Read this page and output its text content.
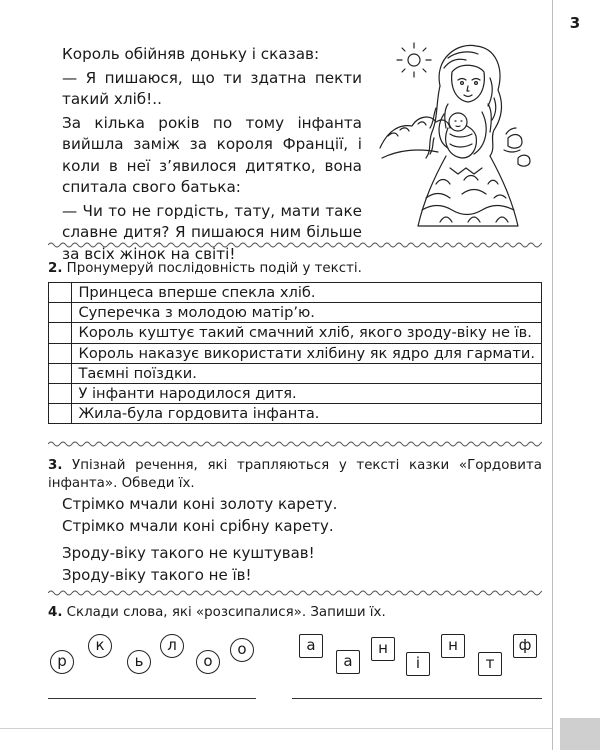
3

Король обійняв доньку і сказав:

— Я пишаюся, що ти здатна пекти такий хліб!..

За кілька років по тому інфанта вийшла заміж за короля Франції, і коли в неї з’явилося дитятко, вона спитала свого батька:

— Чи то не гордість, тату, мати таке славне дитя? Я пишаюся ним більше за всіх жінок на світі!

2. Пронумеруй послідовність подій у тексті.
	Принцеса вперше спекла хліб.
	Суперечка з молодою матір’ю.
	Король куштує такий смачний хліб, якого зроду-віку не їв.
	Король наказує використати хлібину як ядро для гармати.
	Таємні поїздки.
	У інфанти народилося дитя.
	Жила-була гордовита інфанта.
3. Упізнай речення, які трапляються у тексті казки «Гордовита інфанта». Обведи їх.
Стрімко мчали коні золоту карету.
Стрімко мчали коні срібну карету.
Зроду-віку такого не куштував!
Зроду-віку такого не їв!
4. Склади слова, які «розсипалися». Запиши їх.
р
к
ь
л
о
о	а
а
н
і
н
т
ф
